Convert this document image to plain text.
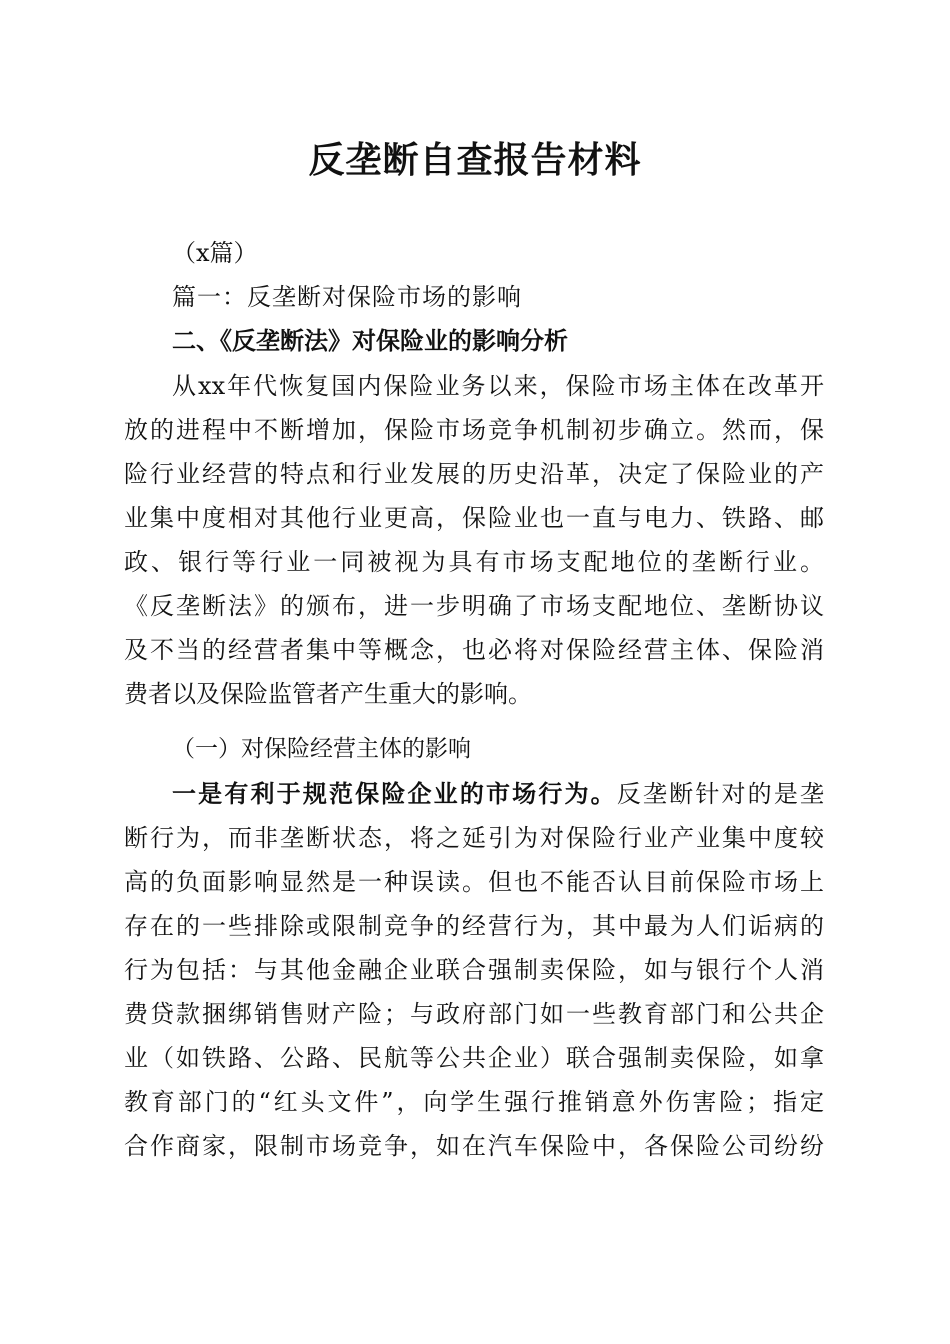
反垄断自查报告材料

（x篇）

篇一：反垄断对保险市场的影响

二、《反垄断法》对保险业的影响分析

从xx年代恢复国内保险业务以来，保险市场主体在改革开
放的进程中不断增加，保险市场竞争机制初步确立。然而，保
险行业经营的特点和行业发展的历史沿革，决定了保险业的产
业集中度相对其他行业更高，保险业也一直与电力、铁路、邮
政、银行等行业一同被视为具有市场支配地位的垄断行业。
《反垄断法》的颁布，进一步明确了市场支配地位、垄断协议
及不当的经营者集中等概念，也必将对保险经营主体、保险消
费者以及保险监管者产生重大的影响。

（一）对保险经营主体的影响

一是有利于规范保险企业的市场行为。反垄断针对的是垄
断行为，而非垄断状态，将之延引为对保险行业产业集中度较
高的负面影响显然是一种误读。但也不能否认目前保险市场上
存在的一些排除或限制竞争的经营行为，其中最为人们诟病的
行为包括：与其他金融企业联合强制卖保险，如与银行个人消
费贷款捆绑销售财产险；与政府部门如一些教育部门和公共企
业（如铁路、公路、民航等公共企业）联合强制卖保险，如拿
教育部门的“红头文件”，向学生强行推销意外伤害险；指定
合作商家，限制市场竞争，如在汽车保险中，各保险公司纷纷
